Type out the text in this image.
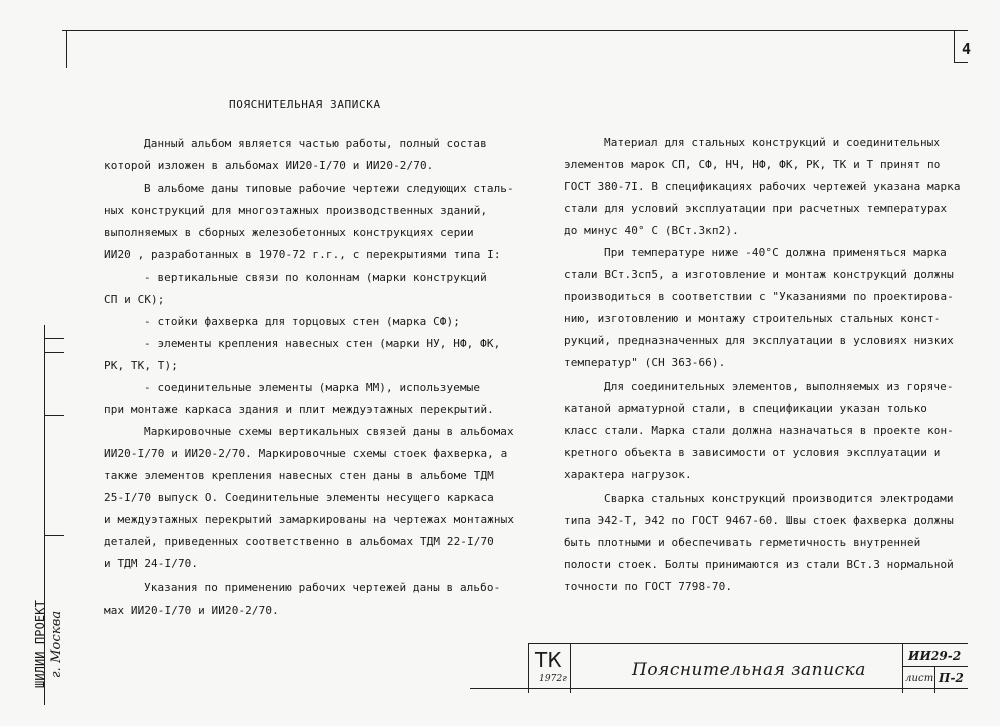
4
г. Москва
ШИЛИИ ПРОЕКТ
ПОЯСНИТЕЛЬНАЯ ЗАПИСКА
Данный альбом является частью работы, полный состав
которой изложен в альбомах ИИ20-I/70 и ИИ20-2/70.
В альбоме даны типовые рабочие чертежи следующих сталь-
ных конструкций для многоэтажных производственных зданий,
выполняемых в сборных железобетонных конструкциях серии
ИИ20 , разработанных в 1970-72 г.г., с перекрытиями типа I:
- вертикальные связи по колоннам (марки конструкций
СП и СК);
- стойки фахверка для торцовых стен (марка СФ);
- элементы крепления навесных стен (марки НУ, НФ, ФК,
РК, ТК, Т);
- соединительные элементы (марка ММ), используемые
при монтаже каркаса здания и плит междуэтажных перекрытий.
Маркировочные схемы вертикальных связей даны в альбомах
ИИ20-I/70 и ИИ20-2/70. Маркировочные схемы стоек фахверка, а
также элементов крепления навесных стен даны в альбоме ТДМ
25-I/70 выпуск О. Соединительные элементы несущего каркаса
и междуэтажных перекрытий замаркированы на чертежах монтажных
деталей, приведенных соответственно в альбомах ТДМ 22-I/70
и ТДМ 24-I/70.
Указания по применению рабочих чертежей даны в альбо-
мах ИИ20-I/70 и ИИ20-2/70.
Материал для стальных конструкций и соединительных
элементов марок СП, СФ, НЧ, НФ, ФК, РК, ТК и Т принят по
ГОСТ 380-7I. В спецификациях рабочих чертежей указана марка
стали для условий эксплуатации при расчетных температурах
до минус 40° С (ВСт.3кп2).
При температуре ниже -40°С должна применяться марка
стали ВСт.3сп5, а изготовление и монтаж конструкций должны
производиться в соответствии с "Указаниями по проектирова-
нию, изготовлению и монтажу строительных стальных конст-
рукций, предназначенных для эксплуатации в условиях низких
температур" (СН 363-66).
Для соединительных элементов, выполняемых из горяче-
катаной арматурной стали, в спецификации указан только
класс стали. Марка стали должна назначаться в проекте кон-
кретного объекта в зависимости от условия эксплуатации и
характера нагрузок.
Сварка стальных конструкций производится электродами
типа Э42-Т, Э42 по ГОСТ 9467-60. Швы стоек фахверка должны
быть плотными и обеспечивать герметичность внутренней
полости стоек. Болты принимаются из стали ВСт.3 нормальной
точности по ГОСТ 7798-70.
ТК
1972г	Пояснительная записка
ИИ29-2
лист П-2
